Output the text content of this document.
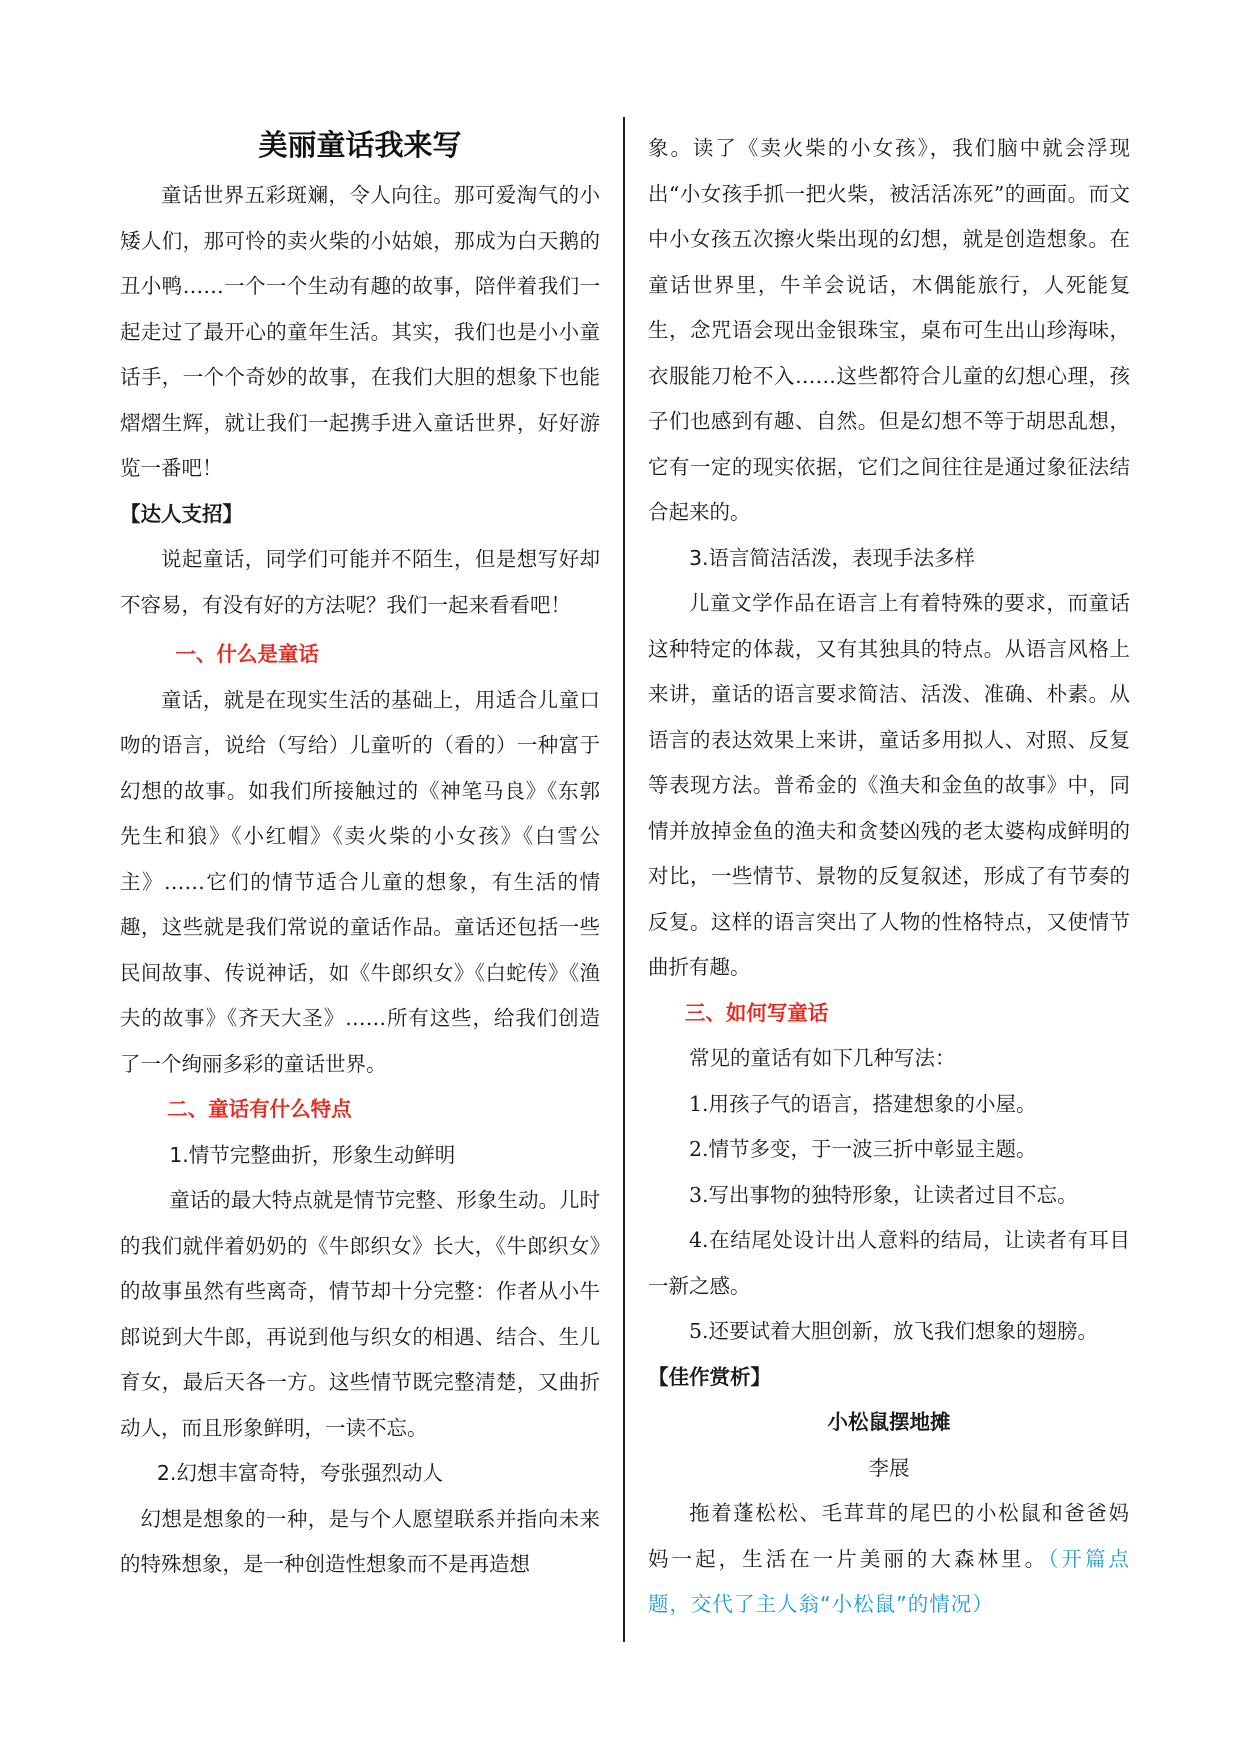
美丽童话我来写

童话世界五彩斑斓，令人向往。那可爱淘气的小矮人们，那可怜的卖火柴的小姑娘，那成为白天鹅的丑小鸭……一个一个生动有趣的故事，陪伴着我们一起走过了最开心的童年生活。其实，我们也是小小童话手，一个个奇妙的故事，在我们大胆的想象下也能熠熠生辉，就让我们一起携手进入童话世界，好好游览一番吧！

【达人支招】

说起童话，同学们可能并不陌生，但是想写好却不容易，有没有好的方法呢？我们一起来看看吧！

一、什么是童话

童话，就是在现实生活的基础上，用适合儿童口吻的语言，说给（写给）儿童听的（看的）一种富于幻想的故事。如我们所接触过的《神笔马良》《东郭先生和狼》《小红帽》《卖火柴的小女孩》《白雪公主》……它们的情节适合儿童的想象，有生活的情趣，这些就是我们常说的童话作品。童话还包括一些民间故事、传说神话，如《牛郎织女》《白蛇传》《渔夫的故事》《齐天大圣》……所有这些，给我们创造了一个绚丽多彩的童话世界。

二、童话有什么特点

1.情节完整曲折，形象生动鲜明

童话的最大特点就是情节完整、形象生动。儿时的我们就伴着奶奶的《牛郎织女》长大，《牛郎织女》的故事虽然有些离奇，情节却十分完整：作者从小牛郎说到大牛郎，再说到他与织女的相遇、结合、生儿育女，最后天各一方。这些情节既完整清楚，又曲折动人，而且形象鲜明，一读不忘。

2.幻想丰富奇特，夸张强烈动人

幻想是想象的一种，是与个人愿望联系并指向未来的特殊想象，是一种创造性想象而不是再造想

象。读了《卖火柴的小女孩》，我们脑中就会浮现出“小女孩手抓一把火柴，被活活冻死”的画面。而文中小女孩五次擦火柴出现的幻想，就是创造想象。在童话世界里，牛羊会说话，木偶能旅行，人死能复生，念咒语会现出金银珠宝，桌布可生出山珍海味，衣服能刀枪不入……这些都符合儿童的幻想心理，孩子们也感到有趣、自然。但是幻想不等于胡思乱想，它有一定的现实依据，它们之间往往是通过象征法结合起来的。

3.语言简洁活泼，表现手法多样

儿童文学作品在语言上有着特殊的要求，而童话这种特定的体裁，又有其独具的特点。从语言风格上来讲，童话的语言要求简洁、活泼、准确、朴素。从语言的表达效果上来讲，童话多用拟人、对照、反复等表现方法。普希金的《渔夫和金鱼的故事》中，同情并放掉金鱼的渔夫和贪婪凶残的老太婆构成鲜明的对比，一些情节、景物的反复叙述，形成了有节奏的反复。这样的语言突出了人物的性格特点，又使情节曲折有趣。

三、如何写童话

常见的童话有如下几种写法：

1.用孩子气的语言，搭建想象的小屋。

2.情节多变，于一波三折中彰显主题。

3.写出事物的独特形象，让读者过目不忘。

4.在结尾处设计出人意料的结局，让读者有耳目一新之感。

5.还要试着大胆创新，放飞我们想象的翅膀。

【佳作赏析】

小松鼠摆地摊

李展

拖着蓬松松、毛茸茸的尾巴的小松鼠和爸爸妈妈一起，生活在一片美丽的大森林里。（开篇点题，交代了主人翁“小松鼠”的情况）
